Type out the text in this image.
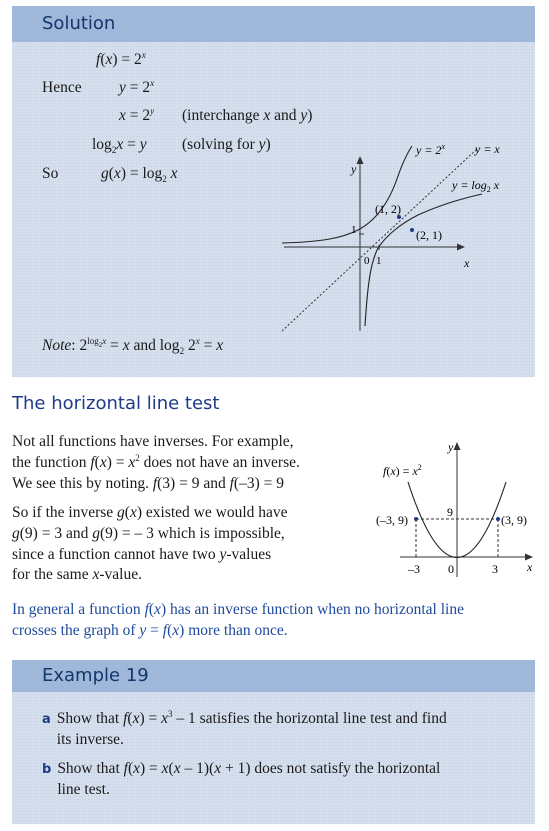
Solution
$f(x) = 2^x$
Hence $y = 2^x$
$x = 2^y$ (interchange x and y)
$\log_2x = y$ (solving for y)
So	$g(x) = \log_2 x$
Note: $2^{log_2x} = x$ and $\log_2 2^x = x$
y
x
0 1
1
(1, 2)
(2, 1)
$y = 2^x$	y = x
$y = \log_2 x$
The horizontal line test
Not all functions have inverses. For example,
the function $f(x) = x^2$ does not have an inverse.
We see this by noting. f(3) = 9 and f(–3) = 9
So if the inverse g(x) existed we would have
g(9) = 3 and g(9) = – 3 which is impossible,
since a function cannot have two y-values
for the same x-value.
y
x
$f(x) = x^2$
(–3, 9)	(3, 9)
9
–3 0	3
In general a function f(x) has an inverse function when no horizontal line
crosses the graph of y = f(x) more than once.
Example 19
a Show that $f(x) = x^3 - 1$ satisfies the horizontal line test and find
its inverse.
b Show that f(x) = x(x – 1)(x + 1) does not satisfy the horizontal
line test.
